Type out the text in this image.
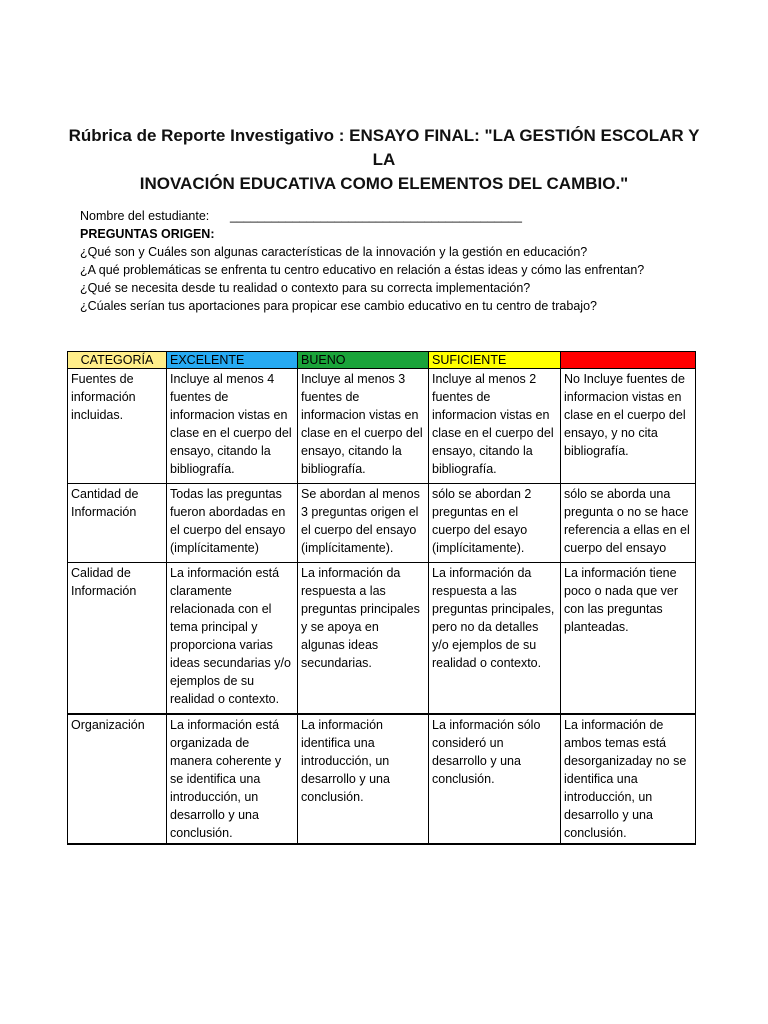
Rúbrica de Reporte Investigativo : ENSAYO FINAL: "LA GESTIÓN ESCOLAR Y LA
INOVACIÓN EDUCATIVA COMO ELEMENTOS DEL CAMBIO."
Nombre del estudiante: __________________________________________
PREGUNTAS ORIGEN:
¿Qué son y Cuáles son algunas características de la innovación y la gestión en educación?
¿A qué problemáticas se enfrenta tu centro educativo en relación a éstas ideas y cómo las enfrentan?
¿Qué se necesita desde tu realidad o contexto para su correcta implementación?
¿Cúales serían tus aportaciones para propicar ese cambio educativo en tu centro de trabajo?
CATEGORÍA	EXCELENTE	BUENO	SUFICIENTE	DEFICIENTE
Fuentes de información incluidas.	Incluye al menos 4 fuentes de informacion vistas en clase en el cuerpo del ensayo, citando la bibliografía.	Incluye al menos 3 fuentes de informacion vistas en clase en el cuerpo del ensayo, citando la bibliografía.	Incluye al menos 2 fuentes de informacion vistas en clase en el cuerpo del ensayo, citando la bibliografía.	No Incluye fuentes de informacion vistas en clase en el cuerpo del ensayo, y no cita bibliografía.
Cantidad de Información	Todas las preguntas fueron abordadas en el cuerpo del ensayo (implícitamente)	Se abordan al menos 3 preguntas origen el el cuerpo del ensayo (implícitamente).	sólo se abordan 2 preguntas en el cuerpo del esayo (implícitamente).	sólo se aborda una pregunta o no se hace referencia a ellas en el cuerpo del ensayo
Calidad de Información	La información está claramente relacionada con el tema principal y proporciona varias ideas secundarias y/o ejemplos de su realidad o contexto.	La información da respuesta a las preguntas principales y se apoya en algunas ideas secundarias.	La información da respuesta a las preguntas principales, pero no da detalles y/o ejemplos de su realidad o contexto.	La información tiene poco o nada que ver con las preguntas planteadas.
Organización	La información está organizada de manera coherente y se identifica una introducción, un desarrollo y una conclusión.	La información identifica una introducción, un desarrollo y una conclusión.	La información sólo consideró un desarrollo y una conclusión.	La información de ambos temas está desorganizaday no se identifica una introducción, un desarrollo y una conclusión.
